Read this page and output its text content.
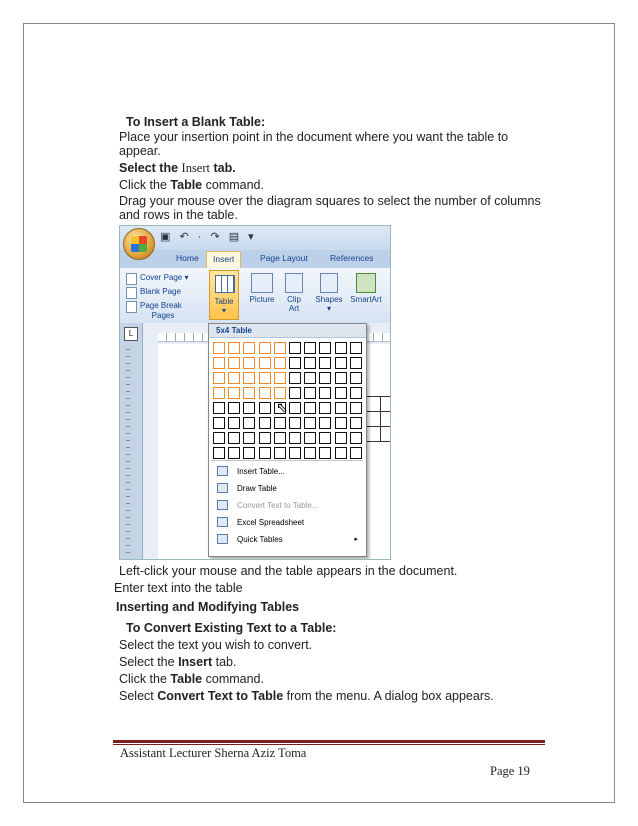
To Insert a Blank Table:
Place your insertion point in the document where you want the table to
appear.
Select the Insert tab.
Click the Table command.
Drag your mouse over the diagram squares to select the number of columns
and rows in the table.
▣ ↶ · ↷ ▤ ▾
Home	Insert	Page Layout	References
Cover Page ▾
Blank Page
Page Break
Pages
Table
▾
Picture	Clip
Art
Shapes
▾
SmartArt
L	5x4 Table
⇖
Insert Table...
Draw Table
Convert Text to Table...
Excel Spreadsheet
Quick Tables	▸
Left-click your mouse and the table appears in the document.
Enter text into the table
Inserting and Modifying Tables
To Convert Existing Text to a Table:
Select the text you wish to convert.
Select the Insert tab.
Click the Table command.
Select Convert Text to Table from the menu. A dialog box appears.
Assistant Lecturer Sherna Aziz Toma
Page 19
